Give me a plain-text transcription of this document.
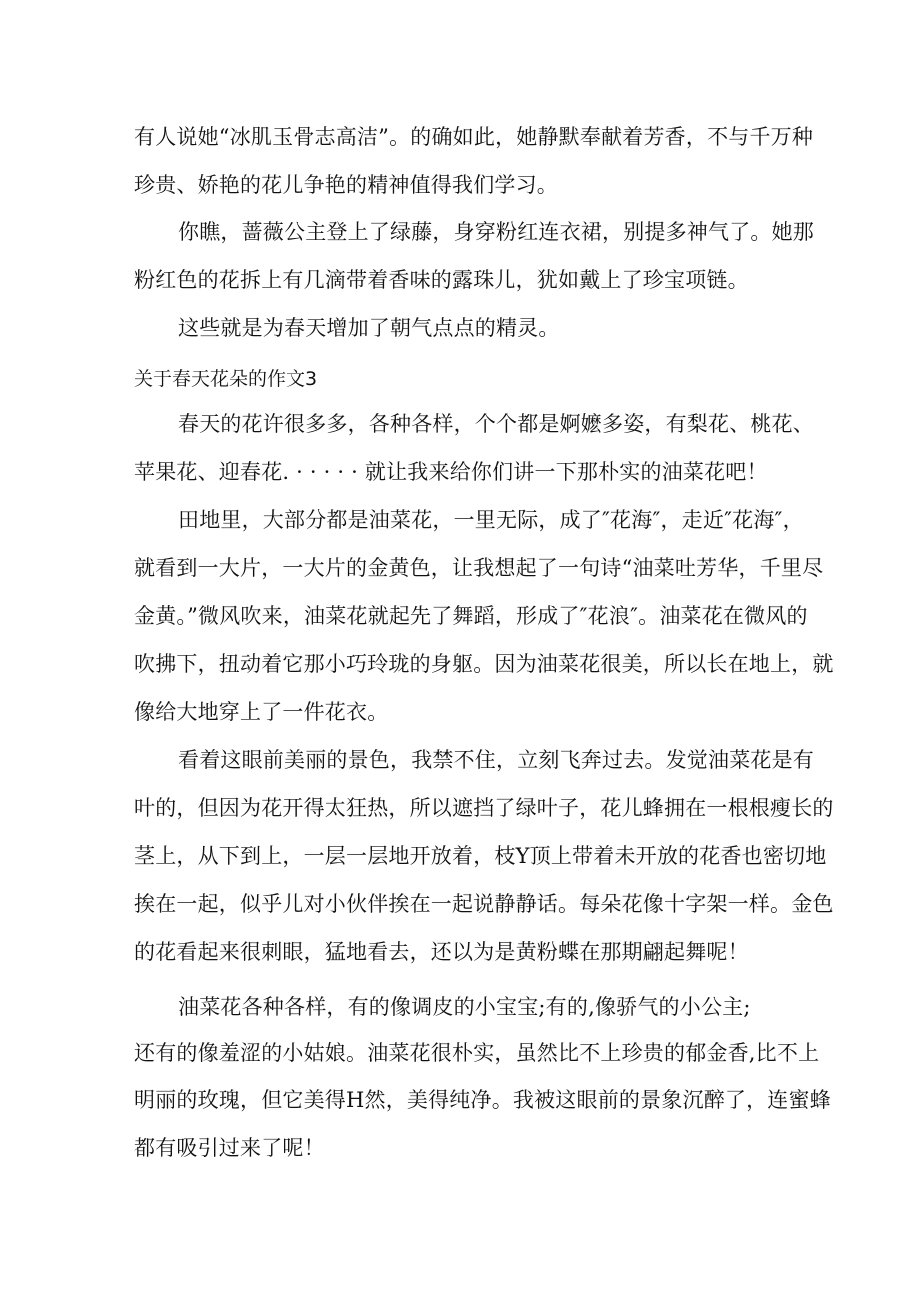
有人说她“冰肌玉骨志高洁”。的确如此，她静默奉献着芳香，不与千万种
珍贵、娇艳的花儿争艳的精神值得我们学习。
你瞧，蔷薇公主登上了绿藤，身穿粉红连衣裙，别提多神气了。她那
粉红色的花拆上有几滴带着香味的露珠儿，犹如戴上了珍宝项链。
这些就是为春天增加了朝气点点的精灵。
关于春天花朵的作文3
春天的花许很多多，各种各样，个个都是婀嬷多姿，有梨花、桃花、
苹果花、迎春花. · · · · · 就让我来给你们讲一下那朴实的油菜花吧！
田地里，大部分都是油菜花，一里无际，成了″花海″，走近″花海″，
就看到一大片，一大片的金黄色，让我想起了一句诗“油菜吐芳华，千里尽
金黄。”微风吹来，油菜花就起先了舞蹈，形成了″花浪″。油菜花在微风的
吹拂下，扭动着它那小巧玲珑的身躯。因为油菜花很美，所以长在地上，就
像给大地穿上了一件花衣。
看着这眼前美丽的景色，我禁不住，立刻飞奔过去。发觉油菜花是有
叶的，但因为花开得太狂热，所以遮挡了绿叶子，花儿蜂拥在一根根瘦长的
茎上，从下到上，一层一层地开放着，枝Y顶上带着未开放的花香也密切地
挨在一起，似乎儿对小伙伴挨在一起说静静话。每朵花像十字架一样。金色
的花看起来很刺眼，猛地看去，还以为是黄粉蝶在那期翩起舞呢！
油菜花各种各样，有的像调皮的小宝宝;有的,像骄气的小公主;
还有的像羞涩的小姑娘。油菜花很朴实，虽然比不上珍贵的郁金香,比不上
明丽的玫瑰，但它美得H然，美得纯净。我被这眼前的景象沉醉了，连蜜蜂
都有吸引过来了呢！
